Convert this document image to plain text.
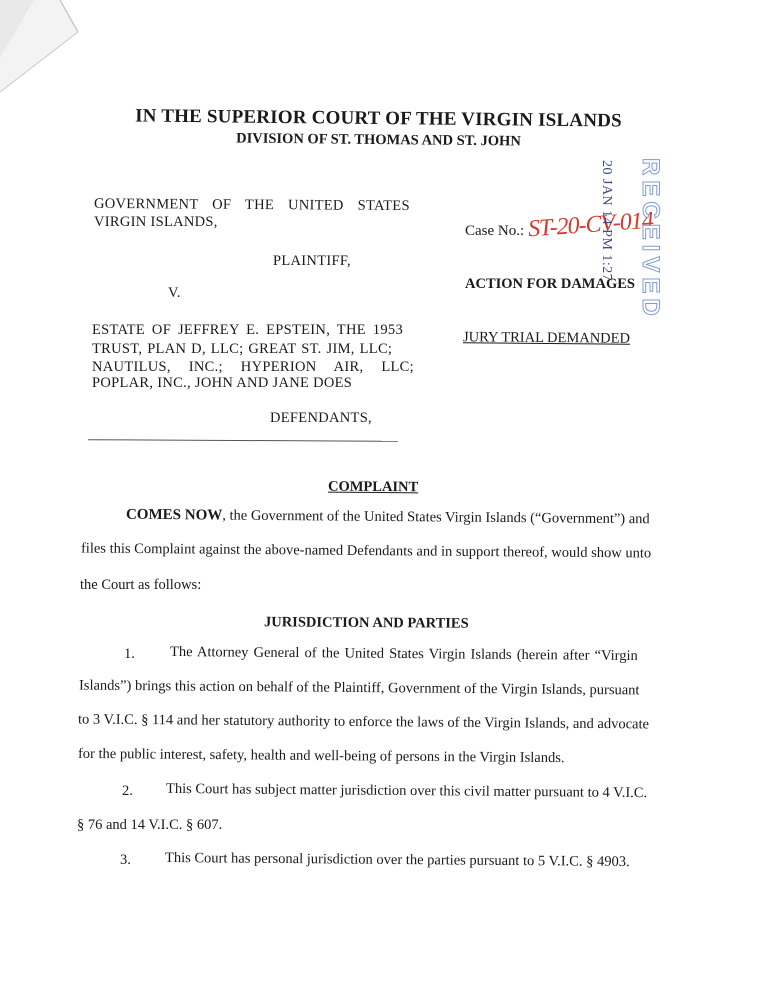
IN THE SUPERIOR COURT OF THE VIRGIN ISLANDS
DIVISION OF ST. THOMAS AND ST. JOHN
GOVERNMENT OF THE UNITED STATES
VIRGIN ISLANDS,
PLAINTIFF,
V.
ESTATE OF JEFFREY E. EPSTEIN, THE 1953
TRUST, PLAN D, LLC; GREAT ST. JIM, LLC;
NAUTILUS, INC.; HYPERION AIR, LLC;
POPLAR, INC., JOHN AND JANE DOES
DEFENDANTS,
Case No.: ST-20-CV-014
ACTION FOR DAMAGES
JURY TRIAL DEMANDED
20 JAN 14 PM 1:27 RECEIVED
COMPLAINT
COMES NOW, the Government of the United States Virgin Islands (“Government”) and
files this Complaint against the above-named Defendants and in support thereof, would show unto
the Court as follows:
JURISDICTION AND PARTIES
1. The Attorney General of the United States Virgin Islands (herein after “Virgin
Islands”) brings this action on behalf of the Plaintiff, Government of the Virgin Islands, pursuant
to 3 V.I.C. § 114 and her statutory authority to enforce the laws of the Virgin Islands, and advocate
for the public interest, safety, health and well-being of persons in the Virgin Islands.
2. This Court has subject matter jurisdiction over this civil matter pursuant to 4 V.I.C.
§ 76 and 14 V.I.C. § 607.
3. This Court has personal jurisdiction over the parties pursuant to 5 V.I.C. § 4903.
